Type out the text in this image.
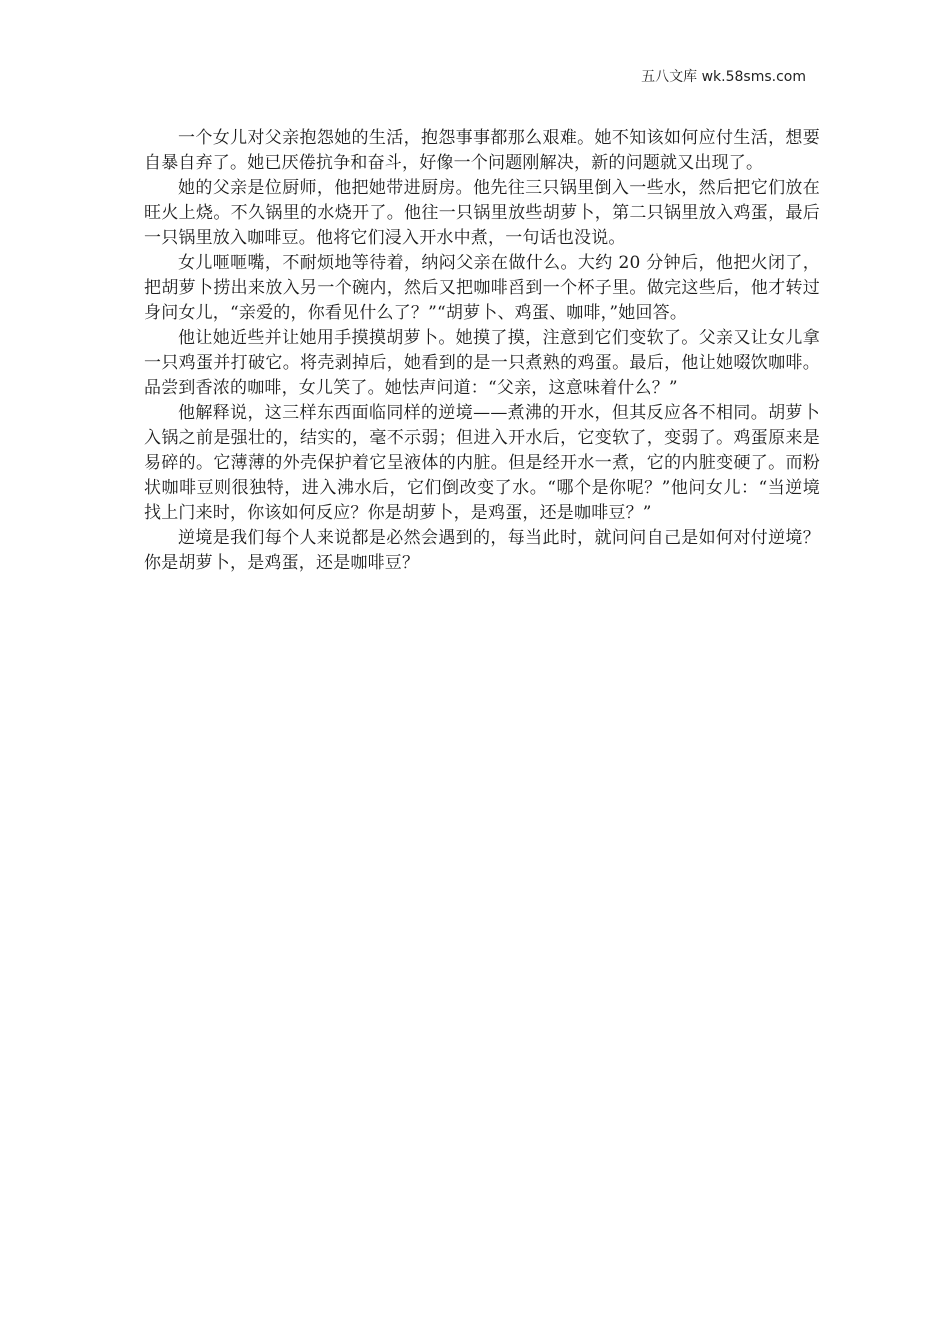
五八文库 wk.58sms.com

一个女儿对父亲抱怨她的生活，抱怨事事都那么艰难。她不知该如何应付生活，想要自暴自弃了。她已厌倦抗争和奋斗，好像一个问题刚解决，新的问题就又出现了。

她的父亲是位厨师，他把她带进厨房。他先往三只锅里倒入一些水，然后把它们放在旺火上烧。不久锅里的水烧开了。他往一只锅里放些胡萝卜，第二只锅里放入鸡蛋，最后一只锅里放入咖啡豆。他将它们浸入开水中煮，一句话也没说。

女儿咂咂嘴，不耐烦地等待着，纳闷父亲在做什么。大约 20 分钟后，他把火闭了，把胡萝卜捞出来放入另一个碗内，然后又把咖啡舀到一个杯子里。做完这些后，他才转过身问女儿，“亲爱的，你看见什么了？”“胡萝卜、鸡蛋、咖啡，”她回答。

他让她近些并让她用手摸摸胡萝卜。她摸了摸，注意到它们变软了。父亲又让女儿拿一只鸡蛋并打破它。将壳剥掉后，她看到的是一只煮熟的鸡蛋。最后，他让她啜饮咖啡。品尝到香浓的咖啡，女儿笑了。她怯声问道：“父亲，这意味着什么？”

他解释说，这三样东西面临同样的逆境——煮沸的开水，但其反应各不相同。胡萝卜入锅之前是强壮的，结实的，毫不示弱；但进入开水后，它变软了，变弱了。鸡蛋原来是易碎的。它薄薄的外壳保护着它呈液体的内脏。但是经开水一煮，它的内脏变硬了。而粉状咖啡豆则很独特，进入沸水后，它们倒改变了水。“哪个是你呢？”他问女儿：“当逆境找上门来时，你该如何反应？你是胡萝卜，是鸡蛋，还是咖啡豆？”

逆境是我们每个人来说都是必然会遇到的，每当此时，就问问自己是如何对付逆境？你是胡萝卜，是鸡蛋，还是咖啡豆？
